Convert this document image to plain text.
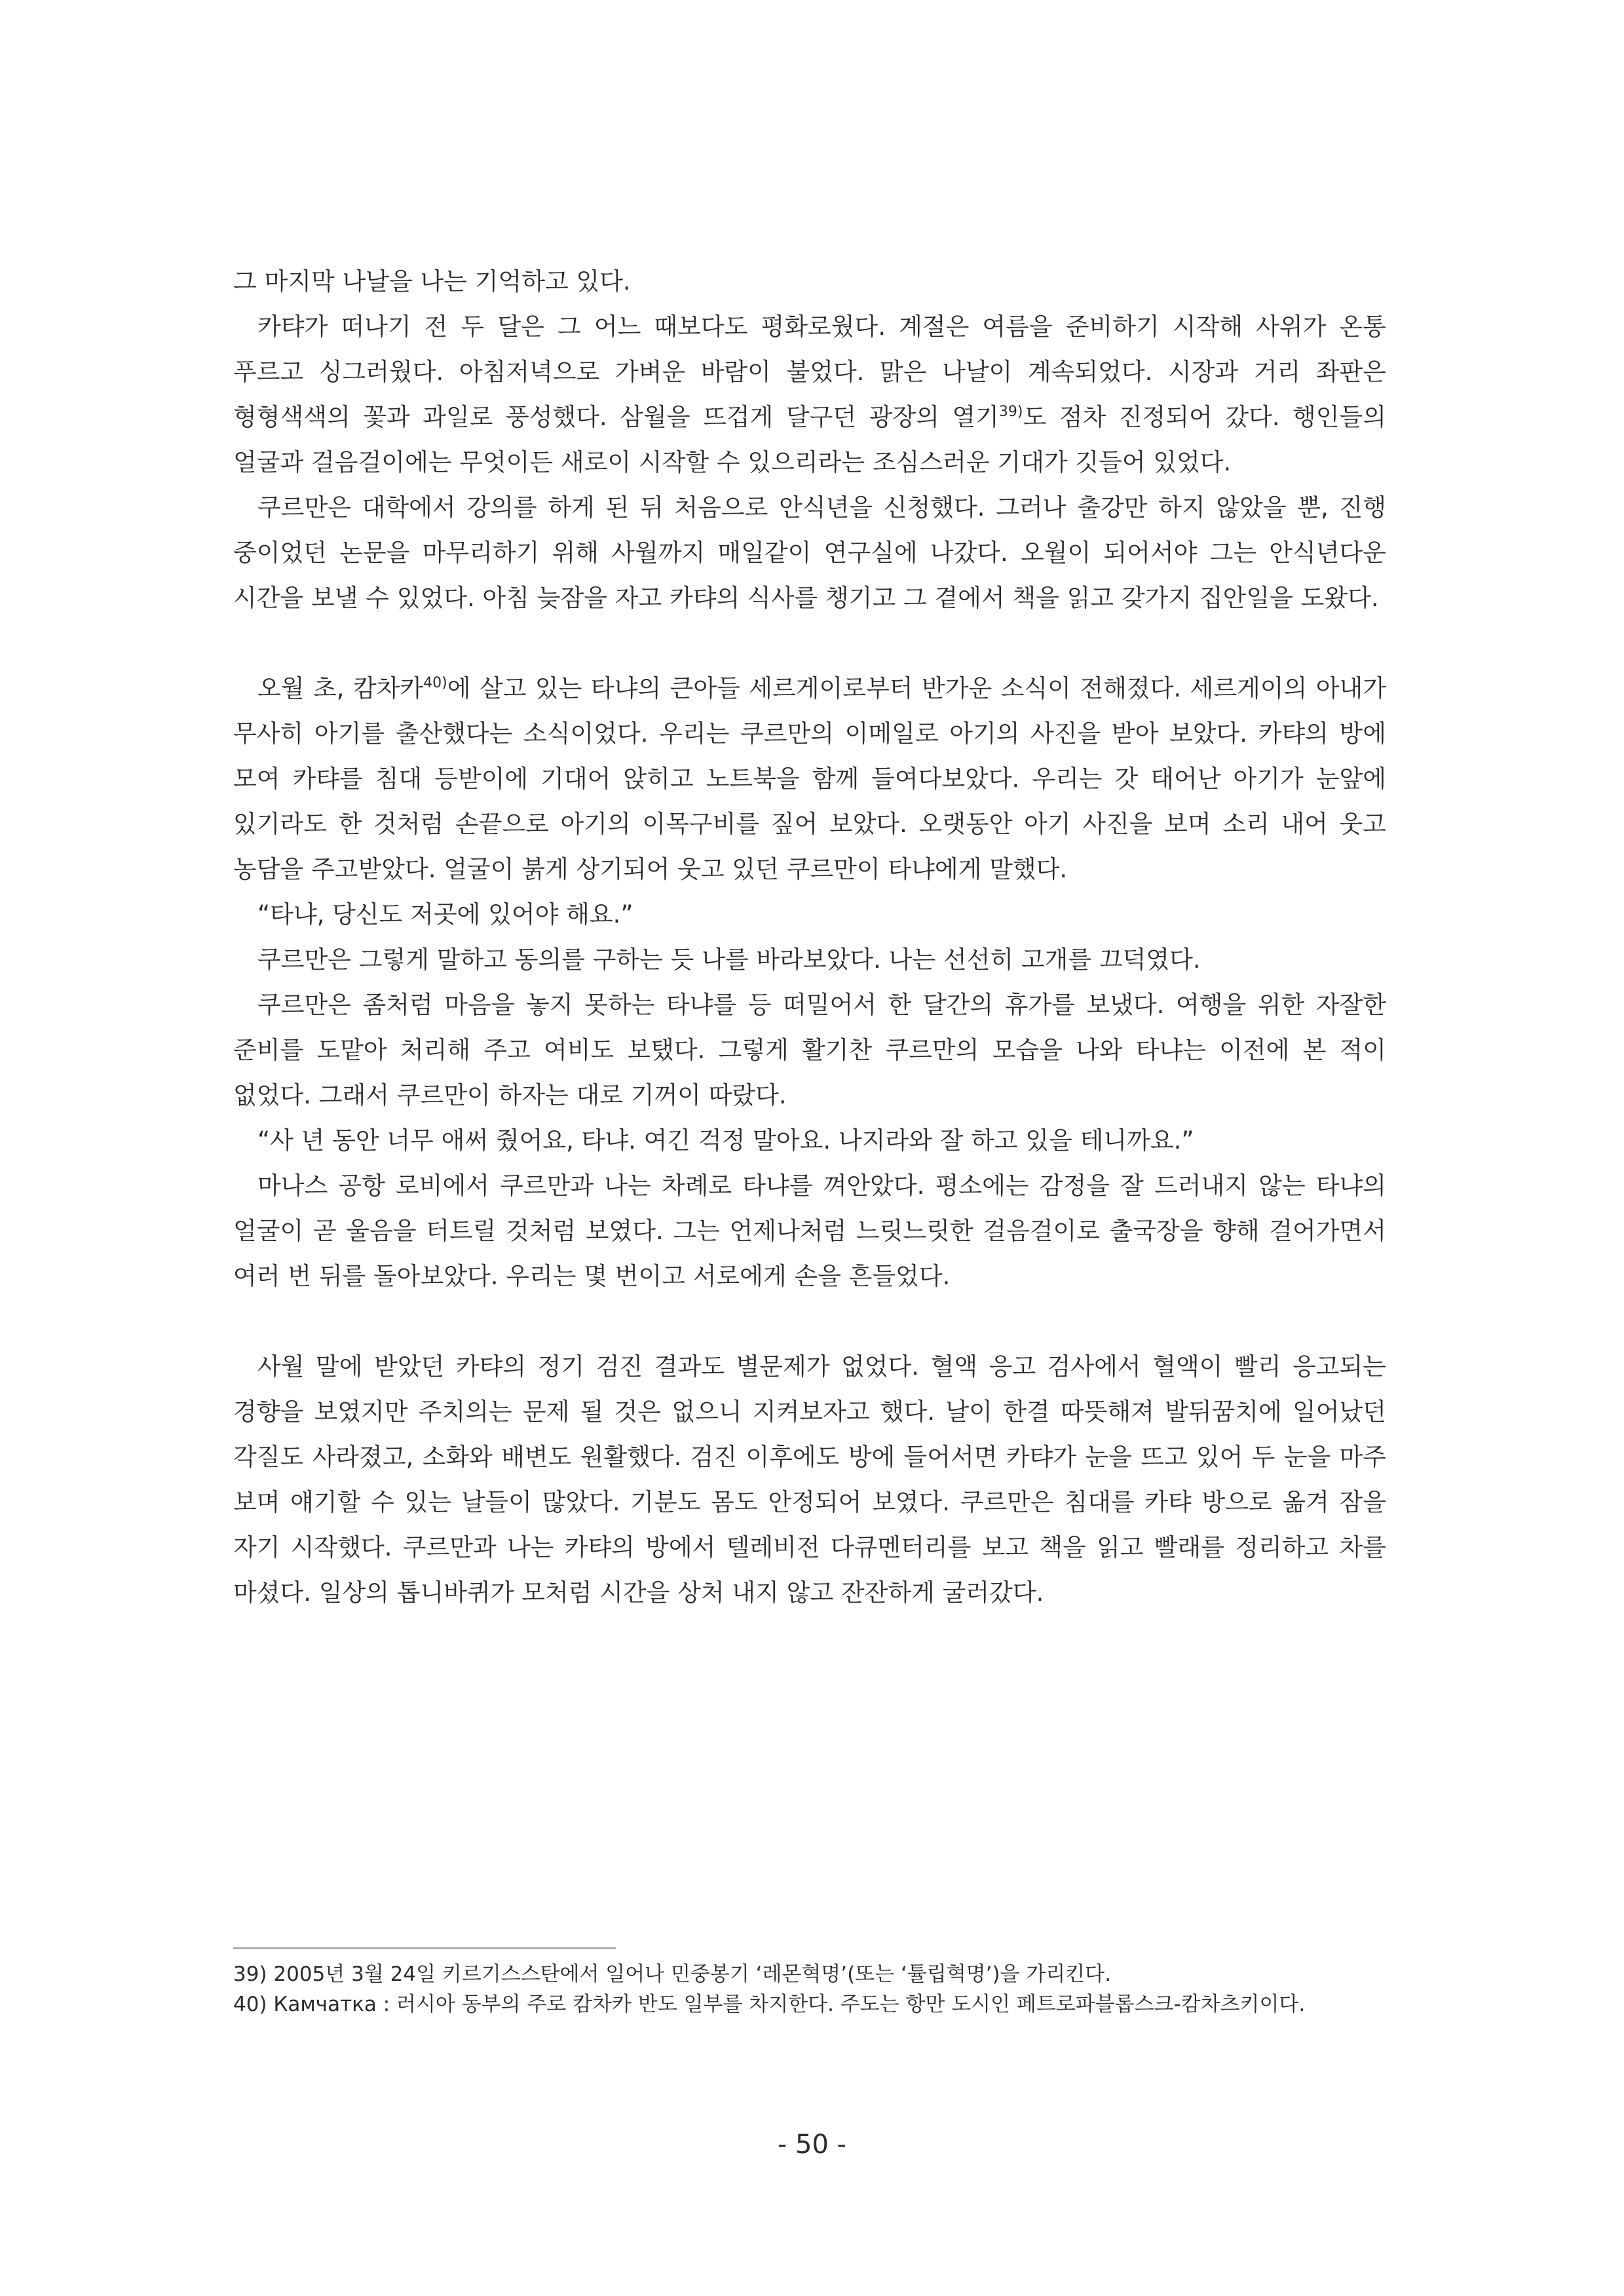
그 마지막 나날을 나는 기억하고 있다.

카탸가 떠나기 전 두 달은 그 어느 때보다도 평화로웠다. 계절은 여름을 준비하기 시작해 사위가 온통 푸르고 싱그러웠다. 아침저녁으로 가벼운 바람이 불었다. 맑은 나날이 계속되었다. 시장과 거리 좌판은 형형색색의 꽃과 과일로 풍성했다. 삼월을 뜨겁게 달구던 광장의 열기$^{39)}$도 점차 진정되어 갔다. 행인들의 얼굴과 걸음걸이에는 무엇이든 새로이 시작할 수 있으리라는 조심스러운 기대가 깃들어 있었다.

쿠르만은 대학에서 강의를 하게 된 뒤 처음으로 안식년을 신청했다. 그러나 출강만 하지 않았을 뿐, 진행 중이었던 논문을 마무리하기 위해 사월까지 매일같이 연구실에 나갔다. 오월이 되어서야 그는 안식년다운 시간을 보낼 수 있었다. 아침 늦잠을 자고 카탸의 식사를 챙기고 그 곁에서 책을 읽고 갖가지 집안일을 도왔다.

오월 초, 캄차카$^{40)}$에 살고 있는 타냐의 큰아들 세르게이로부터 반가운 소식이 전해졌다. 세르게이의 아내가 무사히 아기를 출산했다는 소식이었다. 우리는 쿠르만의 이메일로 아기의 사진을 받아 보았다. 카탸의 방에 모여 카탸를 침대 등받이에 기대어 앉히고 노트북을 함께 들여다보았다. 우리는 갓 태어난 아기가 눈앞에 있기라도 한 것처럼 손끝으로 아기의 이목구비를 짚어 보았다. 오랫동안 아기 사진을 보며 소리 내어 웃고 농담을 주고받았다. 얼굴이 붉게 상기되어 웃고 있던 쿠르만이 타냐에게 말했다.

“타냐, 당신도 저곳에 있어야 해요.”

쿠르만은 그렇게 말하고 동의를 구하는 듯 나를 바라보았다. 나는 선선히 고개를 끄덕였다.

쿠르만은 좀처럼 마음을 놓지 못하는 타냐를 등 떠밀어서 한 달간의 휴가를 보냈다. 여행을 위한 자잘한 준비를 도맡아 처리해 주고 여비도 보탰다. 그렇게 활기찬 쿠르만의 모습을 나와 타냐는 이전에 본 적이 없었다. 그래서 쿠르만이 하자는 대로 기꺼이 따랐다.

“사 년 동안 너무 애써 줬어요, 타냐. 여긴 걱정 말아요. 나지라와 잘 하고 있을 테니까요.”

마나스 공항 로비에서 쿠르만과 나는 차례로 타냐를 껴안았다. 평소에는 감정을 잘 드러내지 않는 타냐의 얼굴이 곧 울음을 터트릴 것처럼 보였다. 그는 언제나처럼 느릿느릿한 걸음걸이로 출국장을 향해 걸어가면서 여러 번 뒤를 돌아보았다. 우리는 몇 번이고 서로에게 손을 흔들었다.

사월 말에 받았던 카탸의 정기 검진 결과도 별문제가 없었다. 혈액 응고 검사에서 혈액이 빨리 응고되는 경향을 보였지만 주치의는 문제 될 것은 없으니 지켜보자고 했다. 날이 한결 따뜻해져 발뒤꿈치에 일어났던 각질도 사라졌고, 소화와 배변도 원활했다. 검진 이후에도 방에 들어서면 카탸가 눈을 뜨고 있어 두 눈을 마주 보며 얘기할 수 있는 날들이 많았다. 기분도 몸도 안정되어 보였다. 쿠르만은 침대를 카탸 방으로 옮겨 잠을 자기 시작했다. 쿠르만과 나는 카탸의 방에서 텔레비전 다큐멘터리를 보고 책을 읽고 빨래를 정리하고 차를 마셨다. 일상의 톱니바퀴가 모처럼 시간을 상처 내지 않고 잔잔하게 굴러갔다.

39) 2005년 3월 24일 키르기스스탄에서 일어나 민중봉기 ‘레몬혁명’(또는 ‘튤립혁명’)을 가리킨다.

40) Камчатка : 러시아 동부의 주로 캄차카 반도 일부를 차지한다. 주도는 항만 도시인 페트로파블롭스크-캄차츠키이다.

- 50 -
